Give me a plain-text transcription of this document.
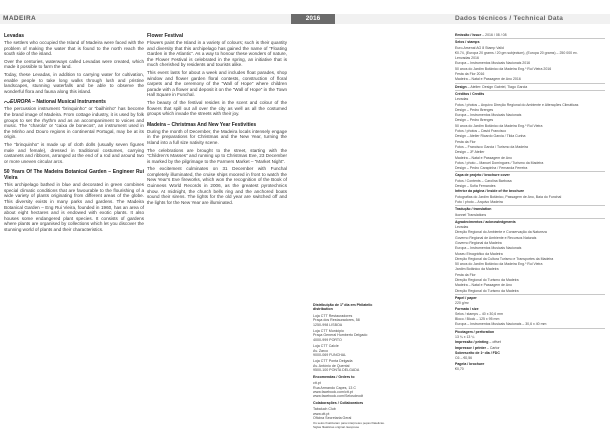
MADEIRA	2016	Dados técnicos / Technical Data
Levadas

The settlers who occupied the Island of Madeira were faced with the problem of making the water that is found to the north reach the south side of the island.

Over the centuries, waterways called Levadas were created, which made it possible to farm the land.

Today, these Levadas, in addition to carrying water for cultivation, enable people to take long walks through lush and pristine landscapes, stunning waterfalls and be able to observe the wonderful flora and fauna along this island.

EUROPA – National Musical Instruments

The percussion instrument “brinquinho” or “bailhinho” has become the brand image of Madeira. From cottage industry, it is used by folk groups to set the rhythm and as an accompaniment to voices and music. The “charola” or “caixa de bonecos”, an instrument used in the Minho and Douro regions in continental Portugal, may be at its origin.

The “brinquinho” is made up of cloth dolls (usually seven figures male and female), dressed in traditional costumes, carrying castanets and ribbons, arranged at the end of a rod and around two or more uneven circular arcs.

50 Years Of The Madeira Botanical Garden – Engineer Rui Vieira

This archipelago bathed in blue and decorated in green combines special climatic conditions that are favourable to the flourishing of a wide variety of plants originating from different areas of the globe. This diversity exists in many parks and gardens. The Madeira Botanical Garden – Eng Rui Vieira, founded in 1960, has an area of about eight hectares and is endowed with exotic plants. It also houses some endangered plant species. It consists of gardens where plants are organised by collections which let you discover the stunning world of plants and their characteristics.

Flower Festival

Flowers paint the Island in a variety of colours; such is their quantity and diversity that this archipelago has gained the name of “Floating Garden in the Atlantic”. As a way to honour these wonders of nature, the Flower Festival is celebrated in the spring, an initiative that is much cherished by residents and tourists alike.

This event lasts for about a week and includes float parades, shop window and flower garden floral contests, construction of floral carpets and the ceremony of the “Wall of Hope” where children parade with a flower and deposit it on the “Wall of Hope” in the Town Hall Square in Funchal.

The beauty of the festival resides in the scent and colour of the flowers that spill out all over the city as well as all the costumed groups which invade the streets with their joy.

Madeira – Christmas And New Year Festivities

During the month of December, the Madeira locals intensely engage in the preparations for Christmas and the New Year, turning the Island into a full size nativity scene.

The celebrations are brought to the street, starting with the “Children’s Masses” and running up to Christmas Eve, 23 December is marked by the pilgrimage to the Farmers Market – “Market Night”.

The excitement culminates on 31 December with Funchal completely illuminated, the cruise ships moored in front to watch the New Year’s Eve fireworks, which won the recognition of the Book of Guinness World Records in 2006, as the greatest pyrotechnics show. At midnight, the church bells ring and the anchored boats sound their sirens. The lights for the old year are switched off and the lights for the New Year are illuminated.

Distribuição de 1º dia em Philatelic distribution

Loja CTT Restauradores
Praça dos Restauradores, 58
1250-998 LISBOA

Loja CTT Municipio
Praça General Humberto Delgado
4000-999 PORTO

Loja CTT Calcle
Av. Zarco
9000-069 FUNCHAL

Loja CTT Ponta Delgada
Av. António de Quental
9500-100 PONTA DELGADA

Encomendas / Orders to

ctt.pt
Rua Armando Capes, 13 C
www.facebook.com/ctt.pt
www.facebook.com/Selosdeodt

Colaborações / Collaborators

Tabaluch Club
www.ctt.pt
Oficina Secretaria Geral

Os selos finalizaram para intérpretes peças filatelicas. Siglas filatélicas original. Eesprese

Emissão / Issue – 2016 / 08 / 08

Selos / stamps

Euro-Arsenal AG 8 Stamp Valid

€0.74, (Europa 20 grams / 20 gm subjectum), (Europa 20 grams) – 250 000 ex.

Lenvadas 2016

Europa – Instrumentos Musicais Nacionais 2016

50 anos do Jardim Botânico da Madeira Eng.º Rui Vieira 2016

Festa da Flor 2016

Madeira – Natal e Passagem de Ano 2016

Design – Atelier: Design Gabriel, Tiago Garcia

Créditos / Credits

Levadas

Fotos / photos – Arquivo Direção Regional do Ambiente e Alterações Climáticas

Design – Pedro Brenges

Europa – Instrumentos Musicais Nacionais

Design – Pedro Brenges

50 anos do Jardim Botânico da Madeira Eng.º Rui Vieira

Fotos / photos – David Francisco

Design – Atelier Ricardo Garcia / Tilda Cunha

Festa da Flor

Fotos – Francisco Garcia / Turismo da Madeira

Design – JF Atelier

Madeira – Natal e Passagem de Ano

Fotos / photo – Manuel Domingues / Turismo da Madeira

Design – Pedro Carapinha / Fernanda Ferreira

Capa de projeto / brochure cover

Fotos / Contents – Carolina Barbosa

Design – Sofia Fernandes

Inferior da página / Inside of the brochure

Fotografias do Jardim Botânico, Passagem de Ano, Baía do Funchal

Foto / photo – Arquivo Madeira

Tradução / translation

Ikonnel Translations

Agradecimentos / acknowledgments

Levadas

Direção Regional do Ambiente e Conservação da Natureza

Governo Regional de Ambiente e Recursos Naturais

Governo Regional da Madeira

Europa – Instrumentos Musicais Nacionais

Museu Etnográfico da Madeira

Direção Regional da Cultura Turismo e Transportes da Madeira

50 anos do Jardim Botânico da Madeira Eng.º Rui Vieira

Jardim Botânico da Madeira

Festa da Flor

Direção Regional do Turismo da Madeira

Madeira – Natal e Passagem de Ano

Direção Regional do Turismo da Madeira

Papel / paper

220 g/m²

Formato / size

Selos / stamps – 40 x 30,6 mm

Bloco / Block – 125 x 95 mm

Europa – Instrumentos Musicais Nacionais – 30,6 x 40 mm

Picotagem / perforation

13 ¼ x 13 ¼

Impressão / printing – offset

Impressor / printer – Cartor

Sobrescrito de 1º dia / FDC

C6 – €0,56

Pagela / brochure

€0,70
